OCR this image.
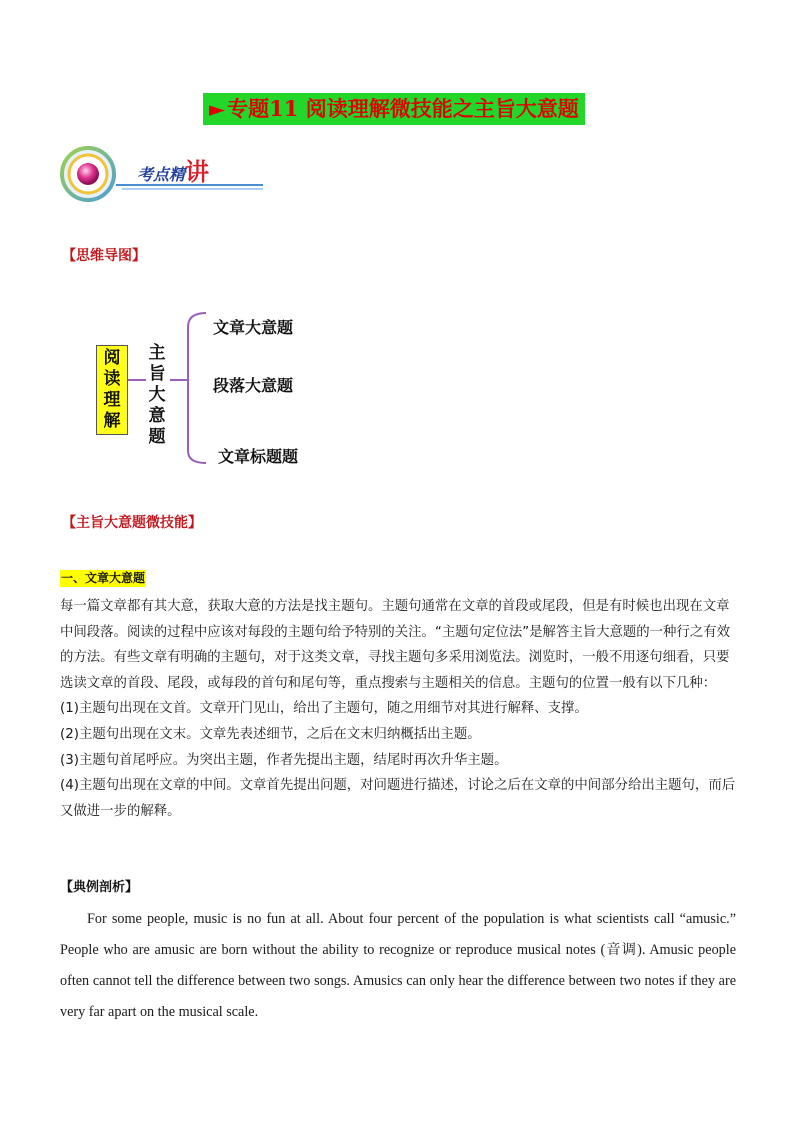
►专题11 阅读理解微技能之主旨大意题
考点精讲
【思维导图】
阅
读
理
解
主
旨
大
意
题
文章大意题
段落大意题
文章标题题
【主旨大意题微技能】
一、文章大意题

每一篇文章都有其大意，获取大意的方法是找主题句。主题句通常在文章的首段或尾段，但是有时候也出现在文章中间段落。阅读的过程中应该对每段的主题句给予特别的关注。“主题句定位法”是解答主旨大意题的一种行之有效的方法。有些文章有明确的主题句，对于这类文章，寻找主题句多采用浏览法。浏览时，一般不用逐句细看，只要选读文章的首段、尾段，或每段的首句和尾句等，重点搜索与主题相关的信息。主题句的位置一般有以下几种：

(1)主题句出现在文首。文章开门见山，给出了主题句，随之用细节对其进行解释、支撑。

(2)主题句出现在文末。文章先表述细节，之后在文末归纳概括出主题。

(3)主题句首尾呼应。为突出主题，作者先提出主题，结尾时再次升华主题。

(4)主题句出现在文章的中间。文章首先提出问题，对问题进行描述，讨论之后在文章的中间部分给出主题句，而后又做进一步的解释。

【典例剖析】
For some people, music is no fun at all. About four percent of the population is what scientists call “amusic.” People who are amusic are born without the ability to recognize or reproduce musical notes (音调). Amusic people often cannot tell the difference between two songs. Amusics can only hear the difference between two notes if they are very far apart on the musical scale.
